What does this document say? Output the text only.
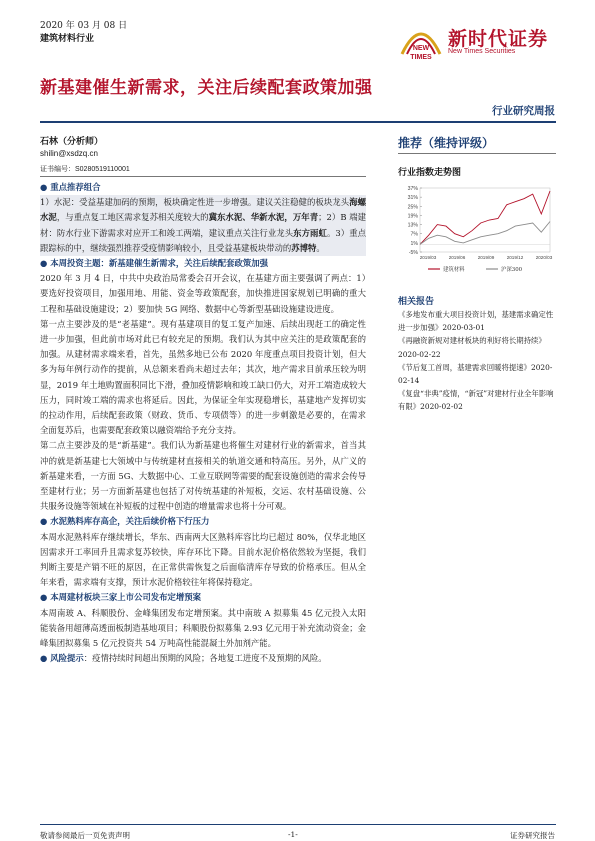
2020 年 03 月 08 日
建筑材料行业
NEW
TIMES
新时代证券
New Times Securities
新基建催生新需求，关注后续配套政策加强
行业研究周报
石林（分析师）
shilin@xsdzq.cn
证书编号：S0280519110001

● 重点推荐组合

1）水泥：受益基建加码的预期，板块确定性进一步增强。建议关注稳健的板块龙头海螺水泥，与重点复工地区需求复苏相关度较大的冀东水泥、华新水泥，万年青；2）B 端建材：防水行业下游需求对应开工和竣工两端，建议重点关注行业龙头东方雨虹。3）重点跟踪标的中，继续强烈推荐受疫情影响较小，且受益基建板块带动的苏博特。

● 本周投资主题：新基建催生新需求，关注后续配套政策加强

2020 年 3 月 4 日，中共中央政治局常委会召开会议，在基建方面主要强调了两点：1）要选好投资项目，加强用地、用能、资金等政策配套，加快推进国家规划已明确的重大工程和基础设施建设；2）要加快 5G 网络、数据中心等新型基础设施建设进度。

第一点主要涉及的是“老基建”。现有基建项目的复工复产加速、后续出现赶工的确定性进一步加强，但此前市场对此已有较充足的预期。我们认为其中应关注的是政策配套的加强。从建材需求端来看，首先，虽然多地已公布 2020 年度重点项目投资计划，但大多为每年例行动作的提前，从总额来看尚未超过去年；其次，地产需求目前承压较为明显，2019 年土地购置面积同比下滑，叠加疫情影响和竣工缺口仍大，对开工端造成较大压力，同时竣工端的需求也将延后。因此，为保证全年实现稳增长，基建地产发挥切实的拉动作用，后续配套政策（财政、货币、专项债等）的进一步刺激是必要的，在需求全面复苏后，也需要配套政策以融资端给予充分支持。

第二点主要涉及的是“新基建”。我们认为新基建也将催生对建材行业的新需求，首当其冲的就是新基建七大领域中与传统建材直接相关的轨道交通和特高压。另外，从广义的新基建来看，一方面 5G、大数据中心、工业互联网等需要的配套设施创造的需求会传导至建材行业；另一方面新基建也包括了对传统基建的补短板，交运、农村基础设施、公共服务设施等领域在补短板的过程中创造的增量需求也将十分可观。

● 水泥熟料库存高企，关注后续价格下行压力

本周水泥熟料库存继续增长，华东、西南两大区熟料库容比均已超过 80%，仅华北地区因需求开工率回升且需求复苏较快，库存环比下降。目前水泥价格依然较为坚挺，我们判断主要是产销不旺的原因，在正常供需恢复之后面临清库存导致的价格承压。但从全年来看，需求端有支撑，预计水泥价格较往年将保持稳定。

● 本周建材板块三家上市公司发布定增预案

本周南玻 A、科顺股份、金峰集团发布定增预案。其中南玻 A 拟募集 45 亿元投入太阳能装备用超薄高透面板制造基地项目；科顺股份拟募集 2.93 亿元用于补充流动资金；金峰集团拟募集 5 亿元投资共 54 万吨高性能混凝土外加剂产能。

● 风险提示：疫情持续时间超出预期的风险；各地复工进度不及预期的风险。

推荐（维持评级）
行业指数走势图
37%
31%
25%
19%
13%
7%
1%
-5%
2019/03	2019/06	2019/09	2019/12	2020/03
建筑材料	沪深300
相关报告
《多地发布重大项目投资计划，基建需求确定性进一步加强》2020-03-01
《再融资新规对建材板块的利好将长期持续》2020-02-22
《节后复工首周，基建需求回暖将提速》2020-02-14
《复盘“非典”疫情，“新冠”对建材行业全年影响有限》2020-02-02
敬请参阅最后一页免责声明	-1-	证券研究报告
